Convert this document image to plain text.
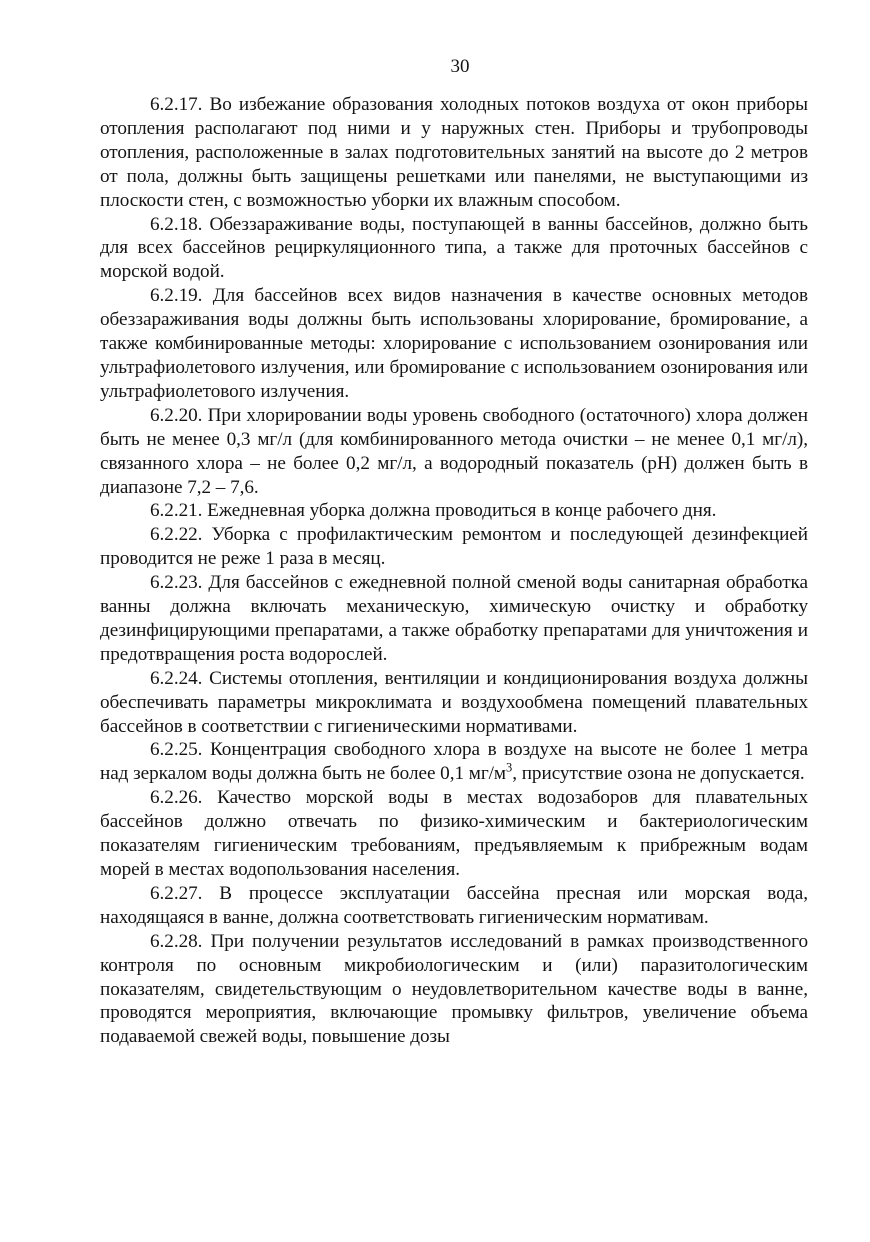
30

6.2.17. Во избежание образования холодных потоков воздуха от окон приборы отопления располагают под ними и у наружных стен. Приборы и трубопроводы отопления, расположенные в залах подготовительных занятий на высоте до 2 метров от пола, должны быть защищены решетками или панелями, не выступающими из плоскости стен, с возможностью уборки их влажным способом.

6.2.18. Обеззараживание воды, поступающей в ванны бассейнов, должно быть для всех бассейнов рециркуляционного типа, а также для проточных бассейнов с морской водой.

6.2.19. Для бассейнов всех видов назначения в качестве основных методов обеззараживания воды должны быть использованы хлорирование, бромирование, а также комбинированные методы: хлорирование с использованием озонирования или ультрафиолетового излучения, или бромирование с использованием озонирования или ультрафиолетового излучения.

6.2.20. При хлорировании воды уровень свободного (остаточного) хлора должен быть не менее 0,3 мг/л (для комбинированного метода очистки – не менее 0,1 мг/л), связанного хлора – не более 0,2 мг/л, а водородный показатель (рН) должен быть в диапазоне 7,2 – 7,6.

6.2.21. Ежедневная уборка должна проводиться в конце рабочего дня.

6.2.22. Уборка с профилактическим ремонтом и последующей дезинфекцией проводится не реже 1 раза в месяц.

6.2.23. Для бассейнов с ежедневной полной сменой воды санитарная обработка ванны должна включать механическую, химическую очистку и обработку дезинфицирующими препаратами, а также обработку препаратами для уничтожения и предотвращения роста водорослей.

6.2.24. Системы отопления, вентиляции и кондиционирования воздуха должны обеспечивать параметры микроклимата и воздухообмена помещений плавательных бассейнов в соответствии с гигиеническими нормативами.

6.2.25. Концентрация свободного хлора в воздухе на высоте не более 1 метра над зеркалом воды должна быть не более 0,1 $мг/м^3$, присутствие озона не допускается.

6.2.26. Качество морской воды в местах водозаборов для плавательных бассейнов должно отвечать по физико-химическим и бактериологическим показателям гигиеническим требованиям, предъявляемым к прибрежным водам морей в местах водопользования населения.

6.2.27. В процессе эксплуатации бассейна пресная или морская вода, находящаяся в ванне, должна соответствовать гигиеническим нормативам.

6.2.28. При получении результатов исследований в рамках производственного контроля по основным микробиологическим и (или) паразитологическим показателям, свидетельствующим о неудовлетворительном качестве воды в ванне, проводятся мероприятия, включающие промывку фильтров, увеличение объема подаваемой свежей воды, повышение дозы
